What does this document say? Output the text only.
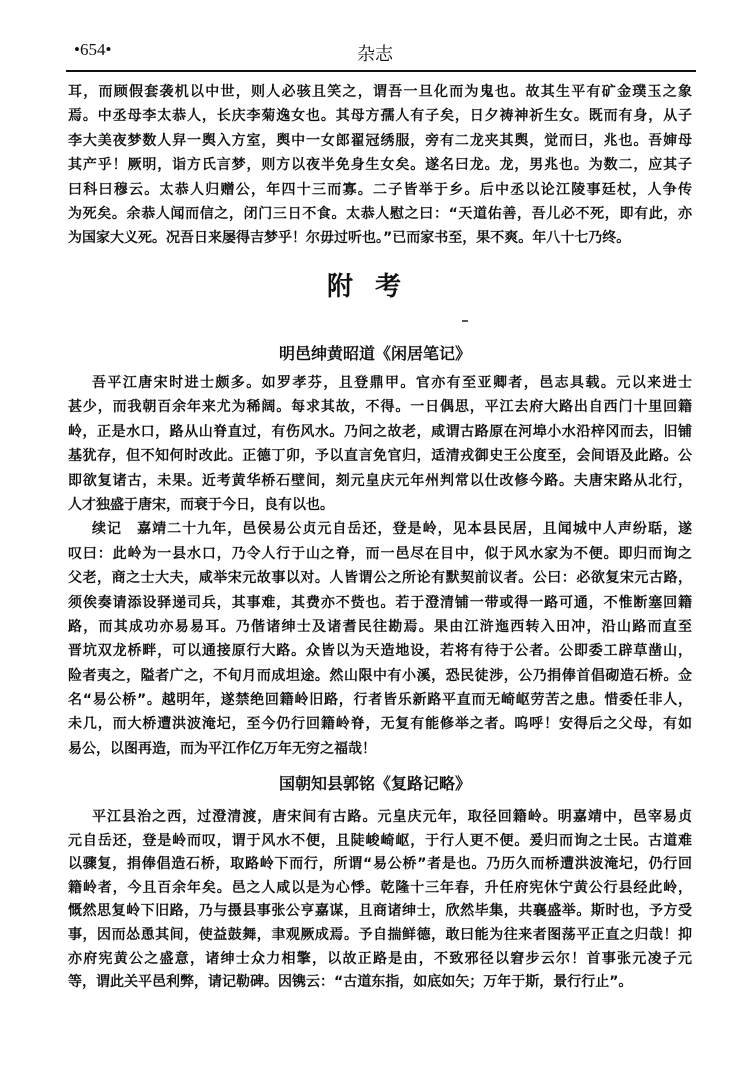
•654•	杂志
耳，而顾假套袭机以中世，则人必骇且笑之，谓吾一旦化而为鬼也。故其生平有矿金璞玉之象
焉。中丞母李太恭人，长庆李菊逸女也。其母方孺人有子矣，日夕祷神祈生女。既而有身，从子
李大美夜梦数人舁一舆入方室，舆中一女郎翟冠绣服，旁有二龙夹其舆，觉而曰，兆也。吾婶母
其产乎！厥明，诣方氏言梦，则方以夜半免身生女矣。遂名曰龙。龙，男兆也。为数二，应其子
曰科曰穆云。太恭人归赠公，年四十三而寡。二子皆举于乡。后中丞以论江陵事廷杖，人争传
为死矣。余恭人闻而信之，闭门三日不食。太恭人慰之曰：“天道佑善，吾儿必不死，即有此，亦
为国家大义死。况吾日来屡得吉梦乎！尔毋过听也。”已而家书至，果不爽。年八十七乃终。
附考
明邑绅黄昭道《闲居笔记》
吾平江唐宋时进士颇多。如罗孝芬，且登鼎甲。官亦有至亚卿者，邑志具载。元以来进士
甚少，而我朝百余年来尤为稀阔。每求其故，不得。一日偶思，平江去府大路出自西门十里回籍
岭，正是水口，路从山脊直过，有伤风水。乃问之故老，咸谓古路原在河埠小水沿梓冈而去，旧铺
基犹存，但不知何时改此。正德丁卯，予以直言免官归，适清戎御史王公度至，会间语及此路。公
即欲复诸古，未果。近考黄华桥石壁间，刻元皇庆元年州判常以仕改修今路。夫唐宋路从北行，
人才独盛于唐宋，而衰于今日，良有以也。
续记　嘉靖二十九年，邑侯易公贞元自岳还，登是岭，见本县民居，且闻城中人声纷聒，遂
叹曰：此岭为一县水口，乃令人行于山之脊，而一邑尽在目中，似于风水家为不便。即归而询之
父老，商之士大夫，咸举宋元故事以对。人皆谓公之所论有默契前议者。公曰：必欲复宋元古路，
须俟奏请添设驿递司兵，其事难，其费亦不赀也。若于澄清铺一带或得一路可通，不惟断塞回籍
路，而其成功亦易易耳。乃偕诸绅士及诸耆民往勘焉。果由江浒迤西转入田冲，沿山路而直至
晋坑双龙桥畔，可以通接原行大路。众皆以为天造地设，若将有待于公者。公即委工辟草凿山，
险者夷之，隘者广之，不旬月而成坦途。然山限中有小溪，恐民徒涉，公乃捐俸首倡砌造石桥。佥
名“易公桥”。越明年，遂禁绝回籍岭旧路，行者皆乐新路平直而无崎岖劳苦之患。惜委任非人，
未几，而大桥遭洪波淹圮，至今仍行回籍岭脊，无复有能修举之者。呜呼！安得后之父母，有如
易公，以图再造，而为平江作亿万年无穷之福哉！
国朝知县郭铭《复路记略》
平江县治之西，过澄清渡，唐宋间有古路。元皇庆元年，取径回籍岭。明嘉靖中，邑宰易贞
元自岳还，登是岭而叹，谓于风水不便，且陡峻崎岖，于行人更不便。爰归而询之士民。古道难
以骤复，捐俸倡造石桥，取路岭下而行，所谓“易公桥”者是也。乃历久而桥遭洪波淹圮，仍行回
籍岭者，今且百余年矣。邑之人咸以是为心悸。乾隆十三年春，升任府宪休宁黄公行县经此岭，
慨然思复岭下旧路，乃与摄县事张公亨嘉谋，且商诸绅士，欣然毕集，共襄盛举。斯时也，予方受
事，因而怂恿其间，使益鼓舞，聿观厥成焉。予自揣鲜德，敢曰能为往来者图荡平正直之归哉！抑
亦府宪黄公之盛意，诸绅士众力相擎，以故正路是由，不致邪径以窘步云尔！首事张元凌子元
等，谓此关平邑利弊，请记勒碑。因镌云：“古道东指，如底如矢；万年于斯，景行行止”。
